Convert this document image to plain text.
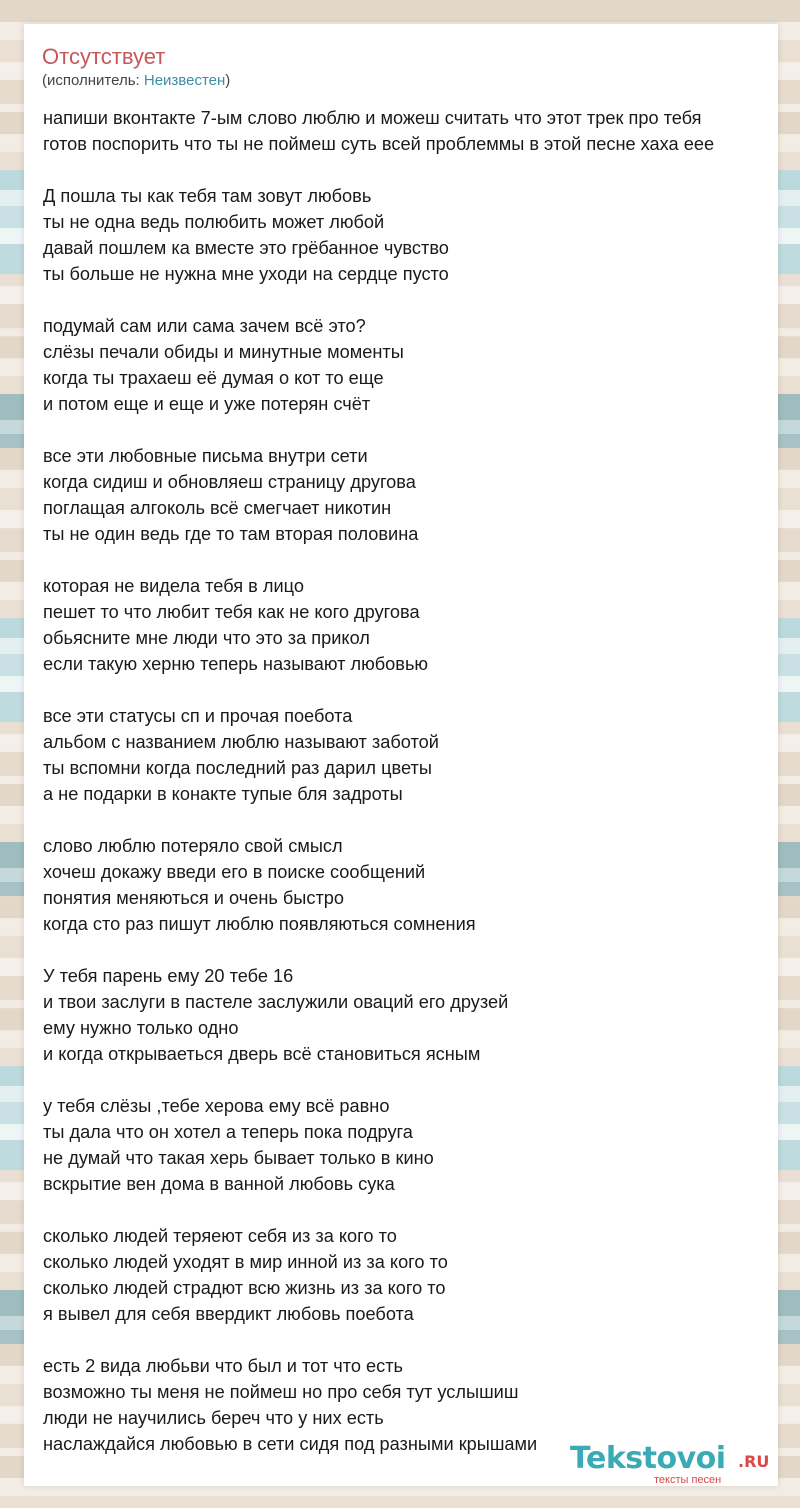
Отсутствует
(исполнитель: Неизвестен)
напиши вконтакте 7-ым слово люблю и можеш считать что этот трек про тебя
готов поспорить что ты не поймеш суть всей проблеммы в этой песне хаха еее
Д пошла ты как тебя там зовут любовь
ты не одна ведь полюбить может любой
давай пошлем ка вместе это грёбанное чувство
ты больше не нужна мне уходи на сердце пусто
подумай сам или сама зачем всё это?
слёзы печали обиды и минутные моменты
когда ты трахаеш её думая о кот то еще
и потом еще и еще и уже потерян счёт
все эти любовные письма внутри сети
когда сидиш и обновляеш страницу другова
поглащая алгоколь всё смегчает никотин
ты не один ведь где то там вторая половина
которая не видела тебя в лицо
пешет то что любит тебя как не кого другова
обьясните мне люди что это за прикол
если такую херню теперь называют любовью
все эти статусы сп и прочая поебота
альбом с названием люблю называют заботой
ты вспомни когда последний раз дарил цветы
а не подарки в конакте тупые бля задроты
слово люблю потеряло свой смысл
хочеш докажу введи его в поиске сообщений
понятия меняються и очень быстро
когда сто раз пишут люблю появляються сомнения
У тебя парень ему 20 тебе 16
и твои заслуги в пастеле заслужили оваций его друзей
ему нужно только одно
и когда открываеться дверь всё становиться ясным
у тебя слёзы ,тебе херова ему всё равно
ты дала что он хотел а теперь пока подруга
не думай что такая херь бывает только в кино
вскрытие вен дома в ванной любовь сука
сколько людей теряеют себя из за кого то
сколько людей уходят в мир инной из за кого то
сколько людей страдют всю жизнь из за кого то
я вывел для себя ввердикт любовь поебота
есть 2 вида любьви что был и тот что есть
возможно ты меня не поймеш но про себя тут услышиш
люди не научились береч что у них есть
наслаждайся любовью в сети сидя под разными крышами	Tekstovoi .RU
тексты песен
